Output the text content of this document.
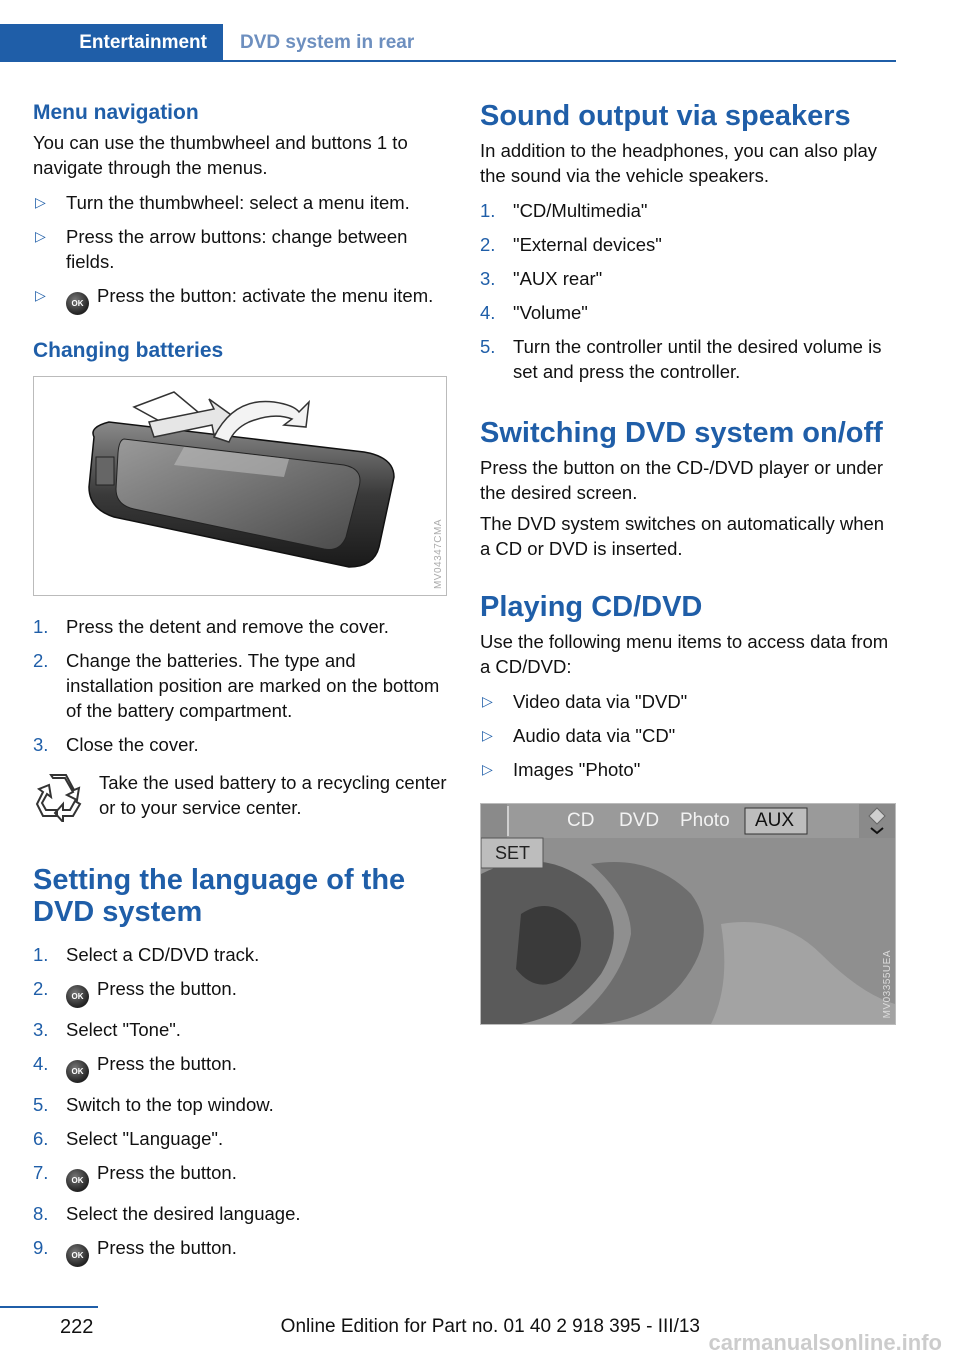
Entertainment DVD system in rear
Menu navigation

You can use the thumbwheel and buttons 1 to navigate through the menus.

▷ Turn the thumbwheel: select a menu item.
▷ Press the arrow buttons: change between fields.
▷
OK Press the button: activate the menu item.
Changing batteries
MV04347CMA
1. Press the detent and remove the cover.
2. Change the batteries. The type and installation position are marked on the bottom of the battery compartment.
3. Close the cover.

Take the used battery to a recycling center or to your service center.

Setting the language of the DVD system
1. Select a CD/DVD track.
2.	OK Press the button.
3. Select "Tone".
4.	OK Press the button.
5. Switch to the top window.
6. Select "Language".
7.	OK Press the button.
8. Select the desired language.
9.	OK Press the button.
Sound output via speakers

In addition to the headphones, you can also play the sound via the vehicle speakers.

1. "CD/Multimedia"
2. "External devices"
3. "AUX rear"
4. "Volume"
5. Turn the controller until the desired volume is set and press the controller.
Switching DVD system on/off

Press the button on the CD-/DVD player or under the desired screen.

The DVD system switches on automatically when a CD or DVD is inserted.

Playing CD/DVD

Use the following menu items to access data from a CD/DVD:

▷ Video data via "DVD"
▷ Audio data via "CD"
▷ Images "Photo"
CD DVD Photo AUX
SET
MV03355UEA
222	Online Edition for Part no. 01 40 2 918 395 - III/13
carmanualsonline.info
